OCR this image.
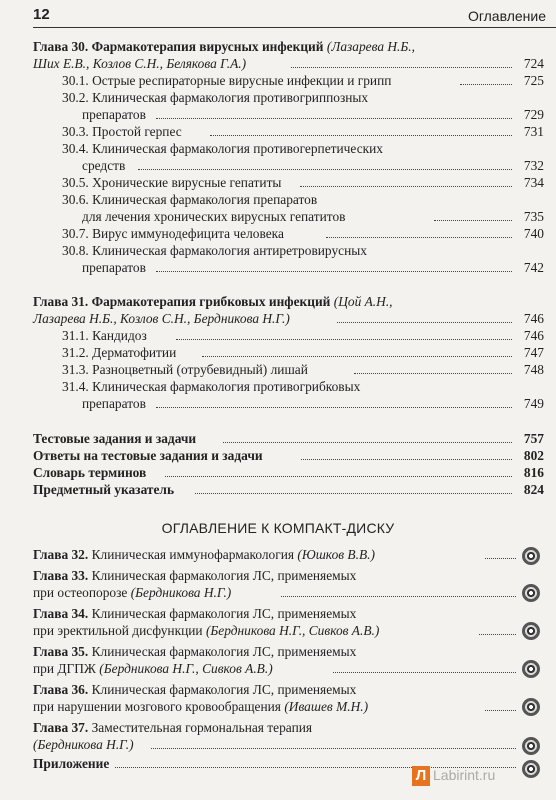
12	Оглавление
Глава 30. Фармакотерапия вирусных инфекций (Лазарева Н.Б.,
Ших Е.В., Козлов С.Н., Белякова Г.А.)	724
30.1. Острые респираторные вирусные инфекции и грипп	725
30.2. Клиническая фармакология противогриппозных
препаратов	729
30.3. Простой герпес	731
30.4. Клиническая фармакология противогерпетических
средств	732
30.5. Хронические вирусные гепатиты	734
30.6. Клиническая фармакология препаратов
для лечения хронических вирусных гепатитов	735
30.7. Вирус иммунодефицита человека	740
30.8. Клиническая фармакология антиретровирусных
препаратов	742
Глава 31. Фармакотерапия грибковых инфекций (Цой А.Н.,
Лазарева Н.Б., Козлов С.Н., Бердникова Н.Г.)	746
31.1. Кандидоз	746
31.2. Дерматофитии	747
31.3. Разноцветный (отрубевидный) лишай	748
31.4. Клиническая фармакология противогрибковых
препаратов	749
Тестовые задания и задачи	757
Ответы на тестовые задания и задачи	802
Словарь терминов	816
Предметный указатель	824
ОГЛАВЛЕНИЕ К КОМПАКТ-ДИСКУ
Глава 32. Клиническая иммунофармакология (Юшков В.В.)
Глава 33. Клиническая фармакология ЛС, применяемых
при остеопорозе (Бердникова Н.Г.)
Глава 34. Клиническая фармакология ЛС, применяемых
при эректильной дисфункции (Бердникова Н.Г., Сивков А.В.)
Глава 35. Клиническая фармакология ЛС, применяемых
при ДГПЖ (Бердникова Н.Г., Сивков А.В.)
Глава 36. Клиническая фармакология ЛС, применяемых
при нарушении мозгового кровообращения (Ивашев М.Н.)
Глава 37. Заместительная гормональная терапия
(Бердникова Н.Г.)
Приложение
Л Labirint.ru
